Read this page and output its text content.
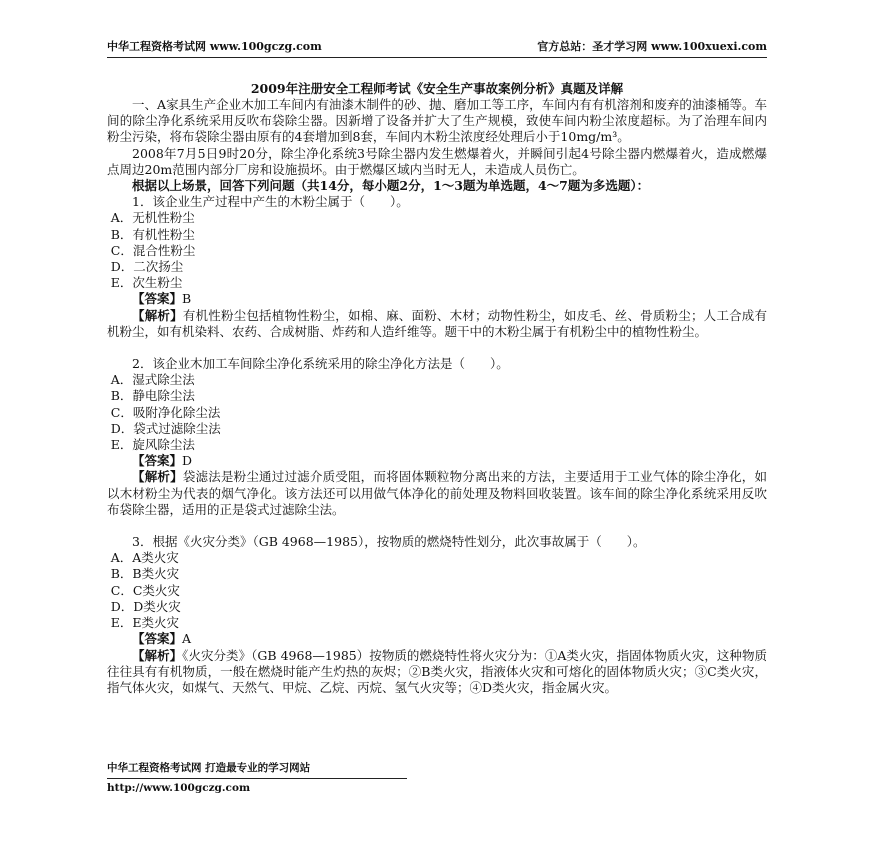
中华工程资格考试网 www.100gczg.com	官方总站：圣才学习网 www.100xuexi.com
2009年注册安全工程师考试《安全生产事故案例分析》真题及详解

一、A家具生产企业木加工车间内有油漆木制件的砂、抛、磨加工等工序，车间内有有机溶剂和废弃的油漆桶等。车间的除尘净化系统采用反吹布袋除尘器。因新增了设备并扩大了生产规模，致使车间内粉尘浓度超标。为了治理车间内粉尘污染，将布袋除尘器由原有的4套增加到8套，车间内木粉尘浓度经处理后小于10mg/m³。

2008年7月5日9时20分，除尘净化系统3号除尘器内发生燃爆着火，并瞬间引起4号除尘器内燃爆着火，造成燃爆点周边20m范围内部分厂房和设施损坏。由于燃爆区域内当时无人，未造成人员伤亡。

根据以上场景，回答下列问题（共14分，每小题2分，1～3题为单选题，4～7题为多选题）：

1．该企业生产过程中产生的木粉尘属于（　　）。

A．无机性粉尘

B．有机性粉尘

C．混合性粉尘

D．二次扬尘

E．次生粉尘

【答案】B

【解析】有机性粉尘包括植物性粉尘，如棉、麻、面粉、木材；动物性粉尘，如皮毛、丝、骨质粉尘；人工合成有机粉尘，如有机染料、农药、合成树脂、炸药和人造纤维等。题干中的木粉尘属于有机粉尘中的植物性粉尘。

2．该企业木加工车间除尘净化系统采用的除尘净化方法是（　　）。

A．湿式除尘法

B．静电除尘法

C．吸附净化除尘法

D．袋式过滤除尘法

E．旋风除尘法

【答案】D

【解析】袋滤法是粉尘通过过滤介质受阻，而将固体颗粒物分离出来的方法，主要适用于工业气体的除尘净化，如以木材粉尘为代表的烟气净化。该方法还可以用做气体净化的前处理及物料回收装置。该车间的除尘净化系统采用反吹布袋除尘器，适用的正是袋式过滤除尘法。

3．根据《火灾分类》（GB 4968—1985），按物质的燃烧特性划分，此次事故属于（　　）。

A．A类火灾

B．B类火灾

C．C类火灾

D．D类火灾

E．E类火灾

【答案】A

【解析】《火灾分类》（GB 4968—1985）按物质的燃烧特性将火灾分为：①A类火灾，指固体物质火灾，这种物质往往具有有机物质，一般在燃烧时能产生灼热的灰烬；②B类火灾，指液体火灾和可熔化的固体物质火灾；③C类火灾，指气体火灾，如煤气、天然气、甲烷、乙烷、丙烷、氢气火灾等；④D类火灾，指金属火灾。

中华工程资格考试网 打造最专业的学习网站
http://www.100gczg.com
